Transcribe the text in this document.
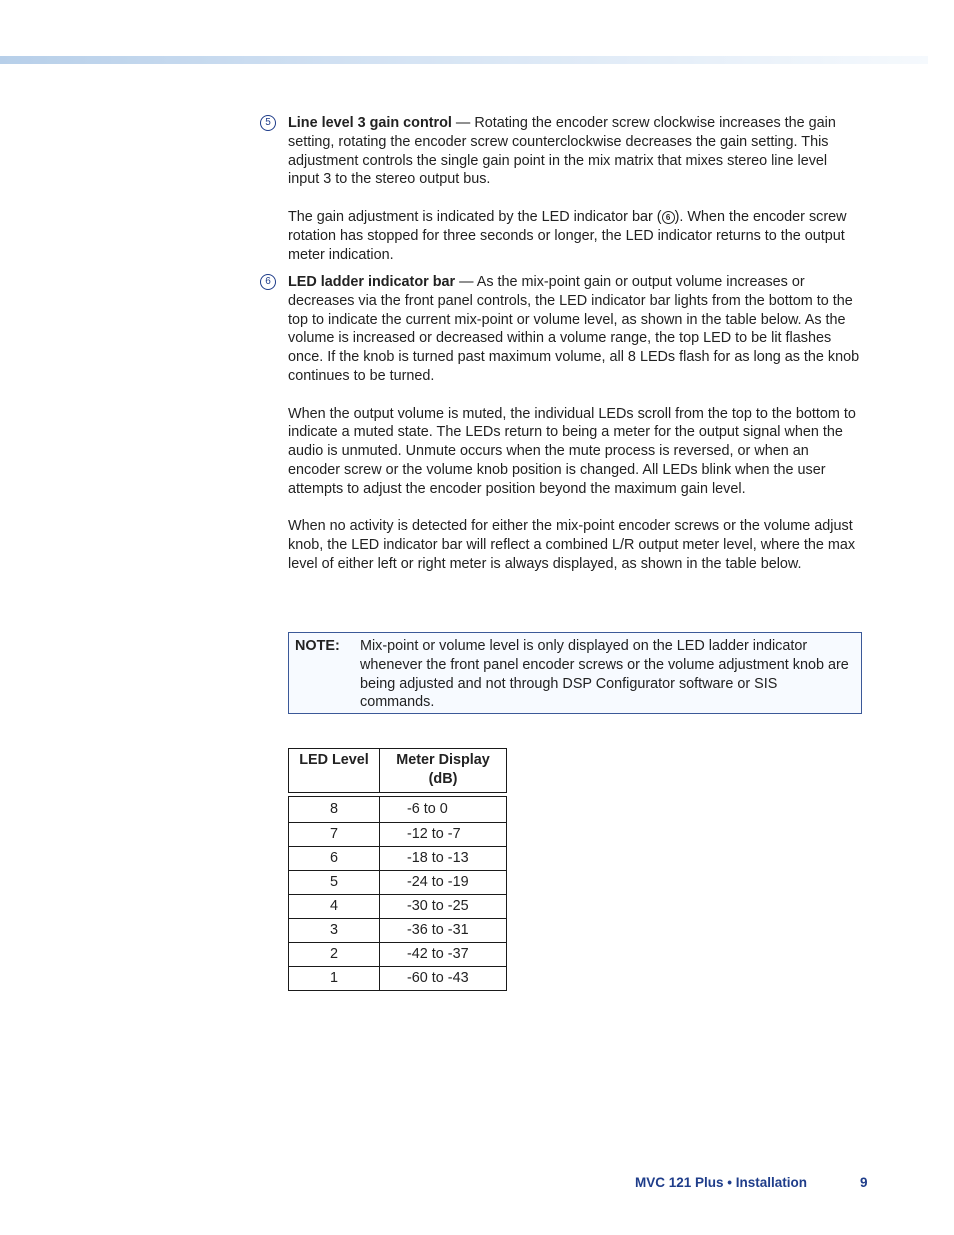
5	Line level 3 gain control — Rotating the encoder screw clockwise increases the gain setting, rotating the encoder screw counterclockwise decreases the gain setting. This adjustment controls the single gain point in the mix matrix that mixes stereo line level input 3 to the stereo output bus.

The gain adjustment is indicated by the LED indicator bar ( 6 ). When the encoder screw rotation has stopped for three seconds or longer, the LED indicator returns to the output meter indication.

6	LED ladder indicator bar — As the mix-point gain or output volume increases or decreases via the front panel controls, the LED indicator bar lights from the bottom to the top to indicate the current mix-point or volume level, as shown in the table below. As the volume is increased or decreased within a volume range, the top LED to be lit flashes once. If the knob is turned past maximum volume, all 8 LEDs flash for as long as the knob continues to be turned.

When the output volume is muted, the individual LEDs scroll from the top to the bottom to indicate a muted state. The LEDs return to being a meter for the output signal when the audio is unmuted. Unmute occurs when the mute process is reversed, or when an encoder screw or the volume knob position is changed. All LEDs blink when the user attempts to adjust the encoder position beyond the maximum gain level.

When no activity is detected for either the mix-point encoder screws or the volume adjust knob, the LED indicator bar will reflect a combined L/R output meter level, where the max level of either left or right meter is always displayed, as shown in the table below.

NOTE: Mix-point or volume level is only displayed on the LED ladder indicator whenever the front panel encoder screws or the volume adjustment knob are being adjusted and not through DSP Configurator software or SIS commands.
LED Level	Meter Display (dB)

8	-6 to 0
7	-12 to -7
6	-18 to -13
5	-24 to -19
4	-30 to -25
3	-36 to -31
2	-42 to -37
1	-60 to -43
MVC 121 Plus • Installation	9
